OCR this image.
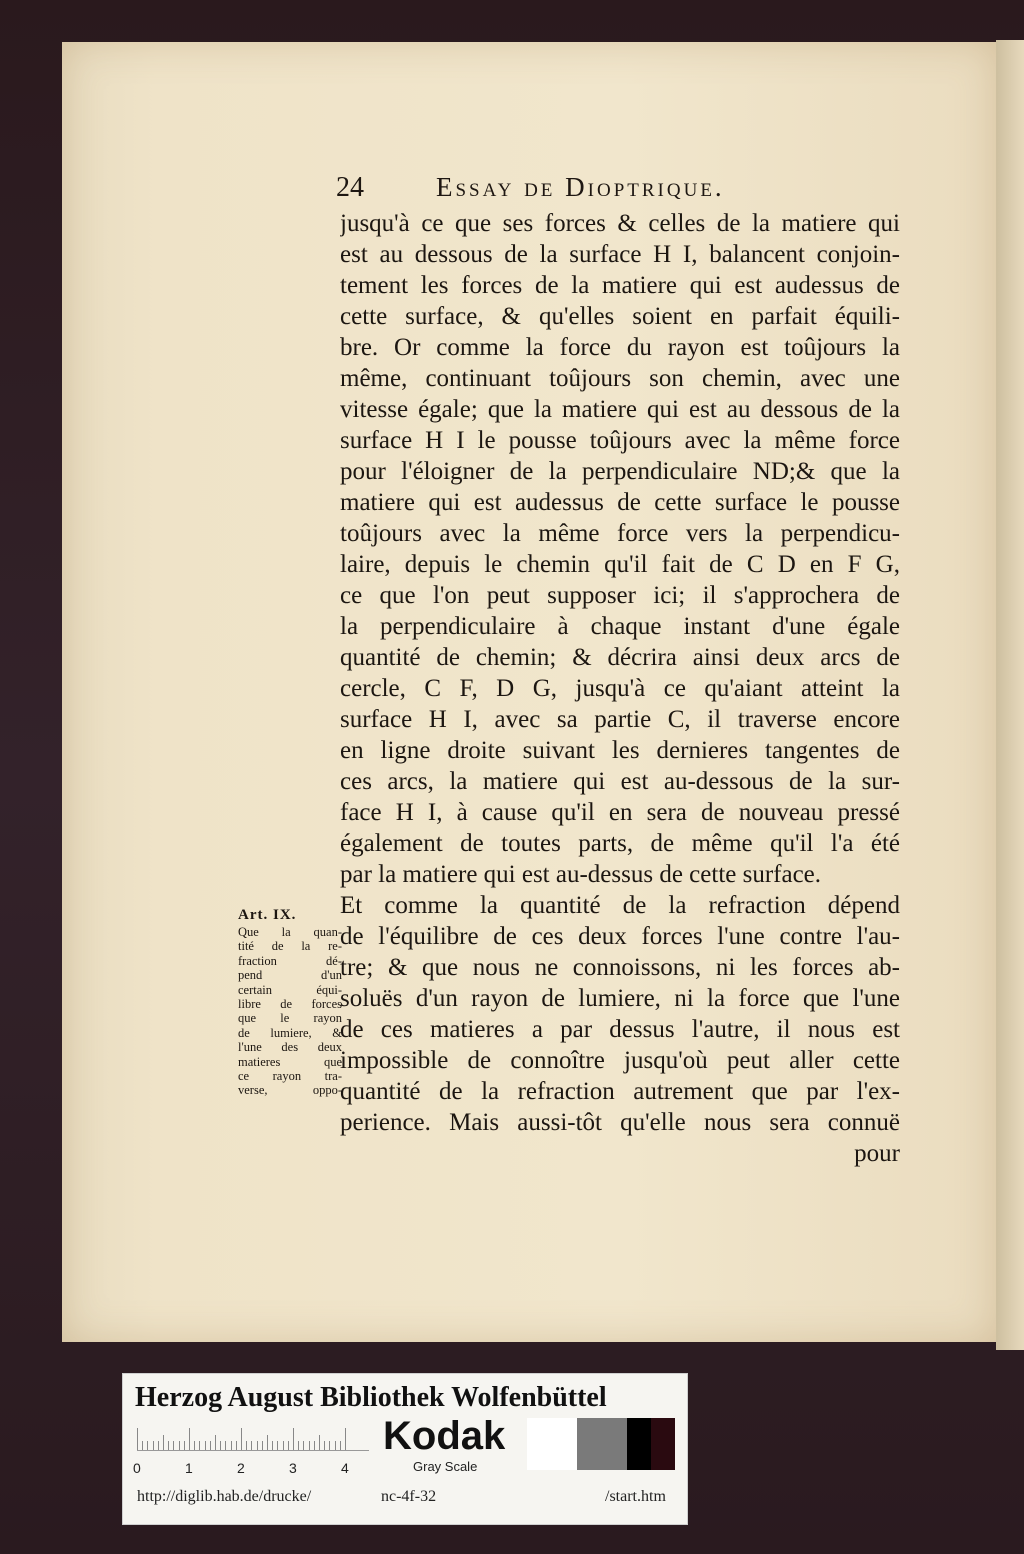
24	Essay de Dioptrique.
jusqu'à ce que ses forces & celles de la matiere qui
est au dessous de la surface H I, balancent conjoin-
tement les forces de la matiere qui est audessus de
cette surface, & qu'elles soient en parfait équili-
bre. Or comme la force du rayon est toûjours la
même, continuant toûjours son chemin, avec une
vitesse égale; que la matiere qui est au dessous de la
surface H I le pousse toûjours avec la même force
pour l'éloigner de la perpendiculaire ND;& que la
matiere qui est audessus de cette surface le pousse
toûjours avec la même force vers la perpendicu-
laire, depuis le chemin qu'il fait de C D en F G,
ce que l'on peut supposer ici; il s'approchera de
la perpendiculaire à chaque instant d'une égale
quantité de chemin; & décrira ainsi deux arcs de
cercle, C F, D G, jusqu'à ce qu'aiant atteint la
surface H I, avec sa partie C, il traverse encore
en ligne droite suivant les dernieres tangentes de
ces arcs, la matiere qui est au-dessous de la sur-
face H I, à cause qu'il en sera de nouveau pressé
également de toutes parts, de même qu'il l'a été
par la matiere qui est au-dessus de cette surface.
Et comme la quantité de la refraction dépend
de l'équilibre de ces deux forces l'une contre l'au-
tre; & que nous ne connoissons, ni les forces ab-
soluës d'un rayon de lumiere, ni la force que l'une
de ces matieres a par dessus l'autre, il nous est
impossible de connoître jusqu'où peut aller cette
quantité de la refraction autrement que par l'ex-
perience. Mais aussi-tôt qu'elle nous sera connuë
pour
Art. IX.
Que la quan-
tité de la re-
fraction dé-
pend d'un
certain équi-
libre de forces
que le rayon
de lumiere, &
l'une des deux
matieres que
ce rayon tra-
verse, oppo-
Herzog August Bibliothek Wolfenbüttel
0	1	2	3	4
Kodak
Gray Scale
http://diglib.hab.de/drucke/	nc-4f-32	/start.htm
